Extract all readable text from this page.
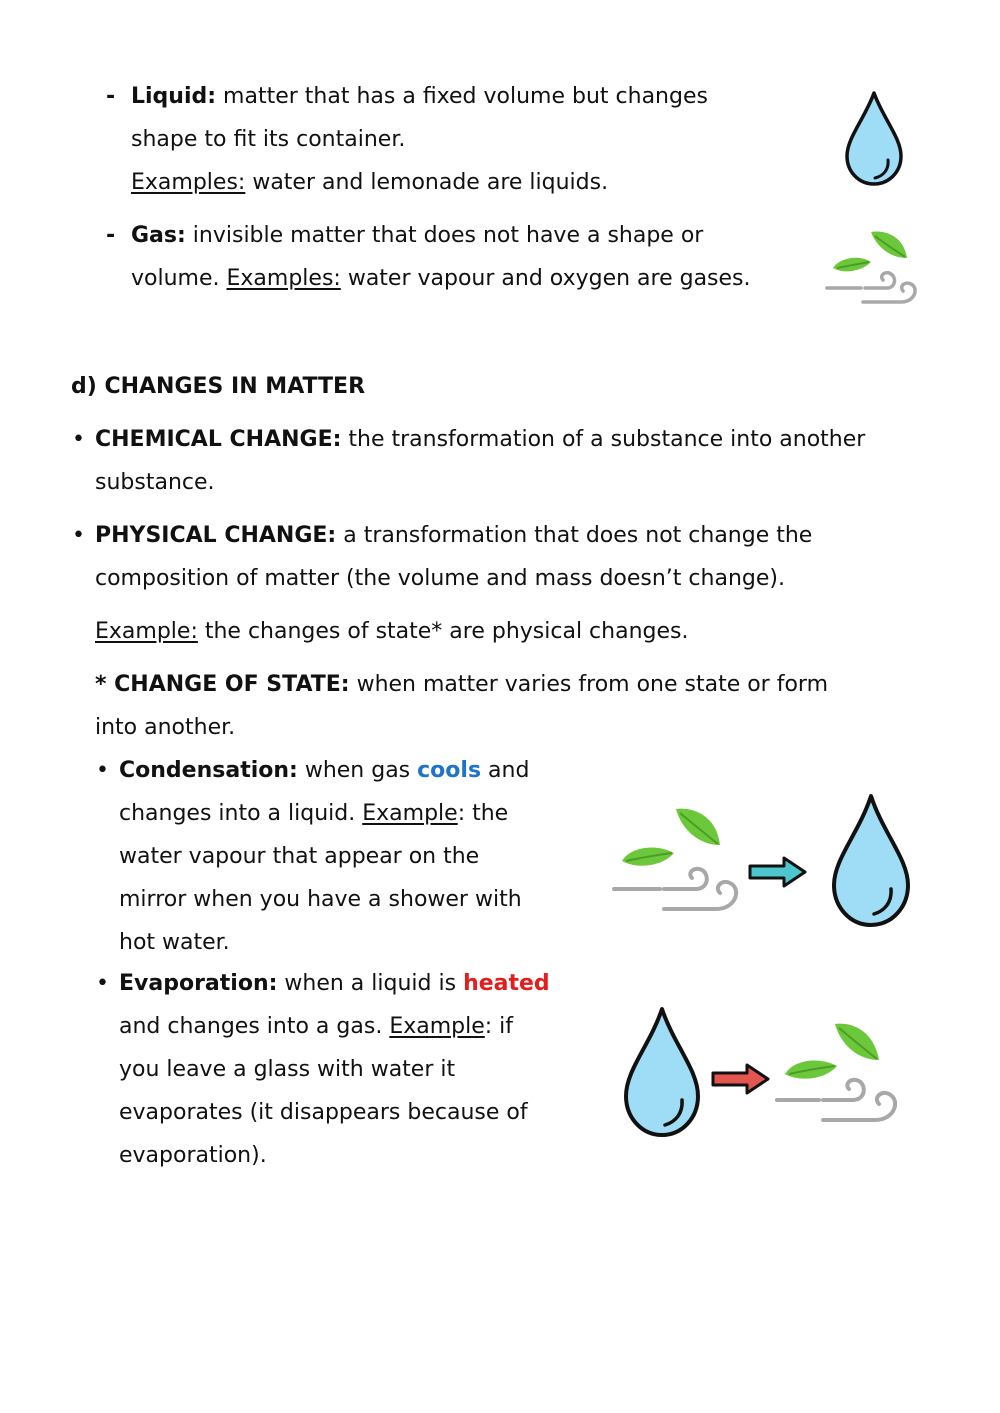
- Liquid: matter that has a fixed volume but changes
shape to fit its container.
Examples: water and lemonade are liquids.
- Gas: invisible matter that does not have a shape or
volume. Examples: water vapour and oxygen are gases.
d) CHANGES IN MATTER
• CHEMICAL CHANGE: the transformation of a substance into another
substance.
• PHYSICAL CHANGE: a transformation that does not change the
composition of matter (the volume and mass doesn’t change).
Example: the changes of state* are physical changes.
* CHANGE OF STATE: when matter varies from one state or form
into another.
• Condensation: when gas cools and
changes into a liquid. Example: the
water vapour that appear on the
mirror when you have a shower with
hot water.
• Evaporation: when a liquid is heated
and changes into a gas. Example: if
you leave a glass with water it
evaporates (it disappears because of
evaporation).
